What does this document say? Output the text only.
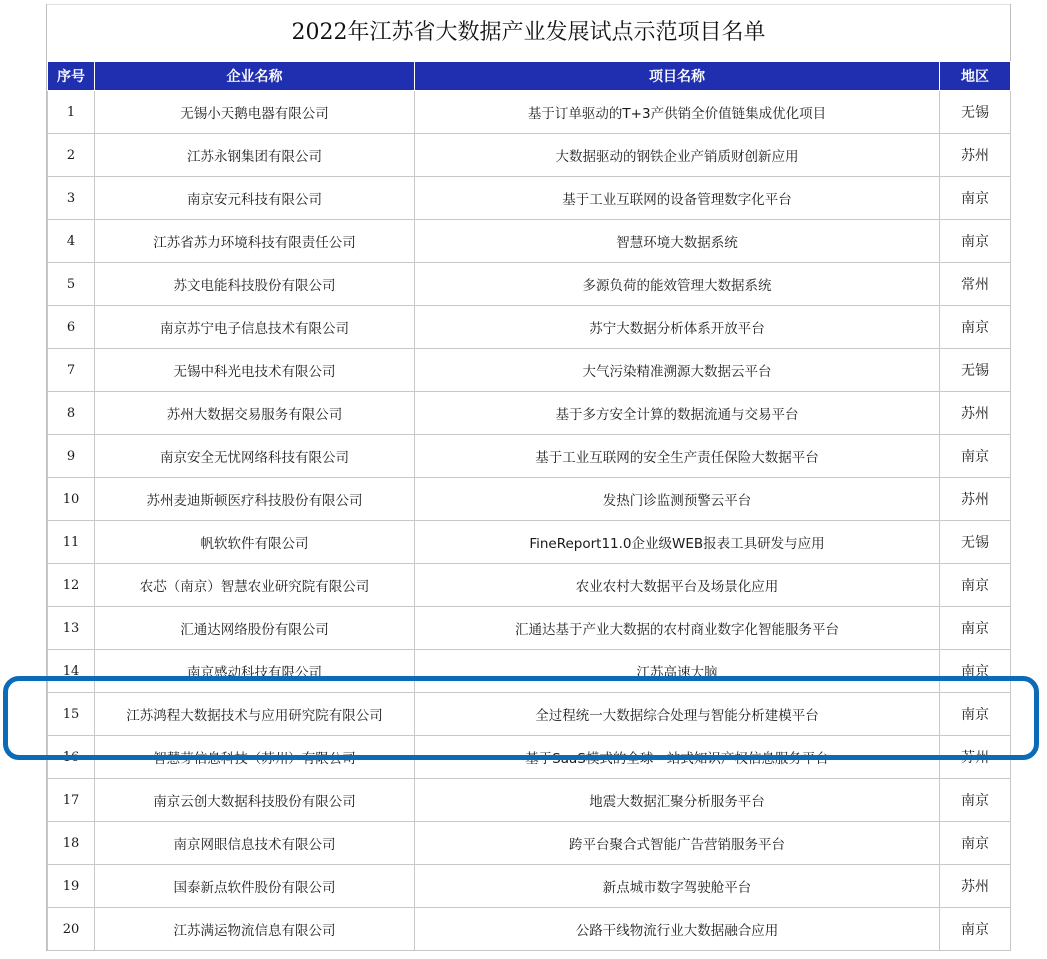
2022年江苏省大数据产业发展试点示范项目名单
序号	企业名称	项目名称	地区
1	无锡小天鹅电器有限公司	基于订单驱动的T+3产供销全价值链集成优化项目	无锡
2	江苏永钢集团有限公司	大数据驱动的钢铁企业产销质财创新应用	苏州
3	南京安元科技有限公司	基于工业互联网的设备管理数字化平台	南京
4	江苏省苏力环境科技有限责任公司	智慧环境大数据系统	南京
5	苏文电能科技股份有限公司	多源负荷的能效管理大数据系统	常州
6	南京苏宁电子信息技术有限公司	苏宁大数据分析体系开放平台	南京
7	无锡中科光电技术有限公司	大气污染精准溯源大数据云平台	无锡
8	苏州大数据交易服务有限公司	基于多方安全计算的数据流通与交易平台	苏州
9	南京安全无忧网络科技有限公司	基于工业互联网的安全生产责任保险大数据平台	南京
10	苏州麦迪斯顿医疗科技股份有限公司	发热门诊监测预警云平台	苏州
11	帆软软件有限公司	FineReport11.0企业级WEB报表工具研发与应用	无锡
12	农芯（南京）智慧农业研究院有限公司	农业农村大数据平台及场景化应用	南京
13	汇通达网络股份有限公司	汇通达基于产业大数据的农村商业数字化智能服务平台	南京
14	南京感动科技有限公司	江苏高速大脑	南京
15	江苏鸿程大数据技术与应用研究院有限公司	全过程统一大数据综合处理与智能分析建模平台	南京
16	智慧芽信息科技（苏州）有限公司	基于SaaS模式的全球一站式知识产权信息服务平台	苏州
17	南京云创大数据科技股份有限公司	地震大数据汇聚分析服务平台	南京
18	南京网眼信息技术有限公司	跨平台聚合式智能广告营销服务平台	南京
19	国泰新点软件股份有限公司	新点城市数字驾驶舱平台	苏州
20	江苏满运物流信息有限公司	公路干线物流行业大数据融合应用	南京
